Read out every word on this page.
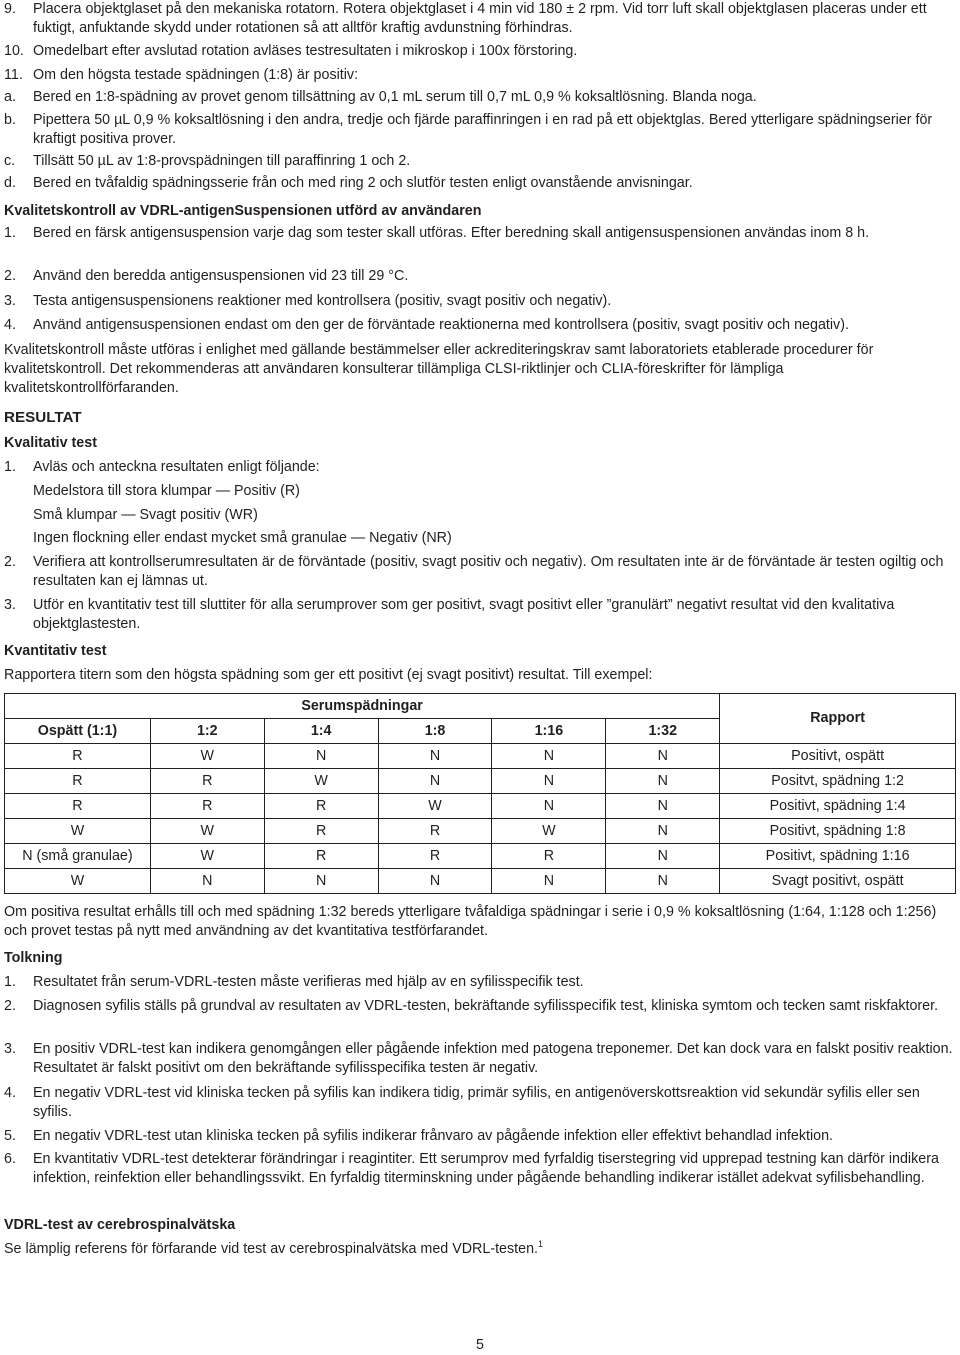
9. Placera objektglaset på den mekaniska rotatorn. Rotera objektglaset i 4 min vid 180 ± 2 rpm. Vid torr luft skall objektglasen placeras under ett fuktigt, anfuktande skydd under rotationen så att alltför kraftig avdunstning förhindras.
10. Omedelbart efter avslutad rotation avläses testresultaten i mikroskop i 100x förstoring.
11. Om den högsta testade spädningen (1:8) är positiv:
a. Bered en 1:8-spädning av provet genom tillsättning av 0,1 mL serum till 0,7 mL 0,9 % koksaltlösning. Blanda noga.
b. Pipettera 50 µL 0,9 % koksaltlösning i den andra, tredje och fjärde paraffinringen i en rad på ett objektglas. Bered ytterligare spädningserier för kraftigt positiva prover.
c. Tillsätt 50 µL av 1:8-provspädningen till paraffinring 1 och 2.
d. Bered en tvåfaldig spädningsserie från och med ring 2 och slutför testen enligt ovanstående anvisningar.
Kvalitetskontroll av VDRL-antigenSuspensionen utförd av användaren
1. Bered en färsk antigensuspension varje dag som tester skall utföras. Efter beredning skall antigensuspensionen användas inom 8 h.
2. Använd den beredda antigensuspensionen vid 23 till 29 °C.
3. Testa antigensuspensionens reaktioner med kontrollsera (positiv, svagt positiv och negativ).
4. Använd antigensuspensionen endast om den ger de förväntade reaktionerna med kontrollsera (positiv, svagt positiv och negativ).
Kvalitetskontroll måste utföras i enlighet med gällande bestämmelser eller ackrediteringskrav samt laboratoriets etablerade procedurer för kvalitetskontroll. Det rekommenderas att användaren konsulterar tillämpliga CLSI-riktlinjer och CLIA-föreskrifter för lämpliga kvalitetskontrollförfaranden.
RESULTAT
Kvalitativ test
1. Avläs och anteckna resultaten enligt följande:
Medelstora till stora klumpar — Positiv (R)
Små klumpar — Svagt positiv (WR)
Ingen flockning eller endast mycket små granulae — Negativ (NR)
2. Verifiera att kontrollserumresultaten är de förväntade (positiv, svagt positiv och negativ). Om resultaten inte är de förväntade är testen ogiltig och resultaten kan ej lämnas ut.
3. Utför en kvantitativ test till sluttiter för alla serumprover som ger positivt, svagt positivt eller ”granulärt” negativt resultat vid den kvalitativa objektglastesten.
Kvantitativ test
Rapportera titern som den högsta spädning som ger ett positivt (ej svagt positivt) resultat. Till exempel:
Serumspädningar						Rapport
Ospätt (1:1)	1:2	1:4	1:8	1:16	1:32	
R	W	N	N	N	N	Positivt, ospätt
R	R	W	N	N	N	Positvt, spädning 1:2
R	R	R	W	N	N	Positivt, spädning 1:4
W	W	R	R	W	N	Positivt, spädning 1:8
N (små granulae)	W	R	R	R	N	Positivt, spädning 1:16
W	N	N	N	N	N	Svagt positivt, ospätt
Om positiva resultat erhålls till och med spädning 1:32 bereds ytterligare tvåfaldiga spädningar i serie i 0,9 % koksaltlösning (1:64, 1:128 och 1:256) och provet testas på nytt med användning av det kvantitativa testförfarandet.
Tolkning
1. Resultatet från serum-VDRL-testen måste verifieras med hjälp av en syfilisspecifik test.
2. Diagnosen syfilis ställs på grundval av resultaten av VDRL-testen, bekräftande syfilisspecifik test, kliniska symtom och tecken samt riskfaktorer.
3. En positiv VDRL-test kan indikera genomgången eller pågående infektion med patogena treponemer. Det kan dock vara en falskt positiv reaktion. Resultatet är falskt positivt om den bekräftande syfilisspecifika testen är negativ.
4. En negativ VDRL-test vid kliniska tecken på syfilis kan indikera tidig, primär syfilis, en antigenöverskottsreaktion vid sekundär syfilis eller sen syfilis.
5. En negativ VDRL-test utan kliniska tecken på syfilis indikerar frånvaro av pågående infektion eller effektivt behandlad infektion.
6. En kvantitativ VDRL-test detekterar förändringar i reagintiter. Ett serumprov med fyrfaldig tiserstegring vid upprepad testning kan därför indikera infektion, reinfektion eller behandlingssvikt. En fyrfaldig titerminskning under pågående behandling indikerar istället adekvat syfilisbehandling.
VDRL-test av cerebrospinalvätska
Se lämplig referens för förfarande vid test av cerebrospinalvätska med VDRL-testen.$^1$
5
